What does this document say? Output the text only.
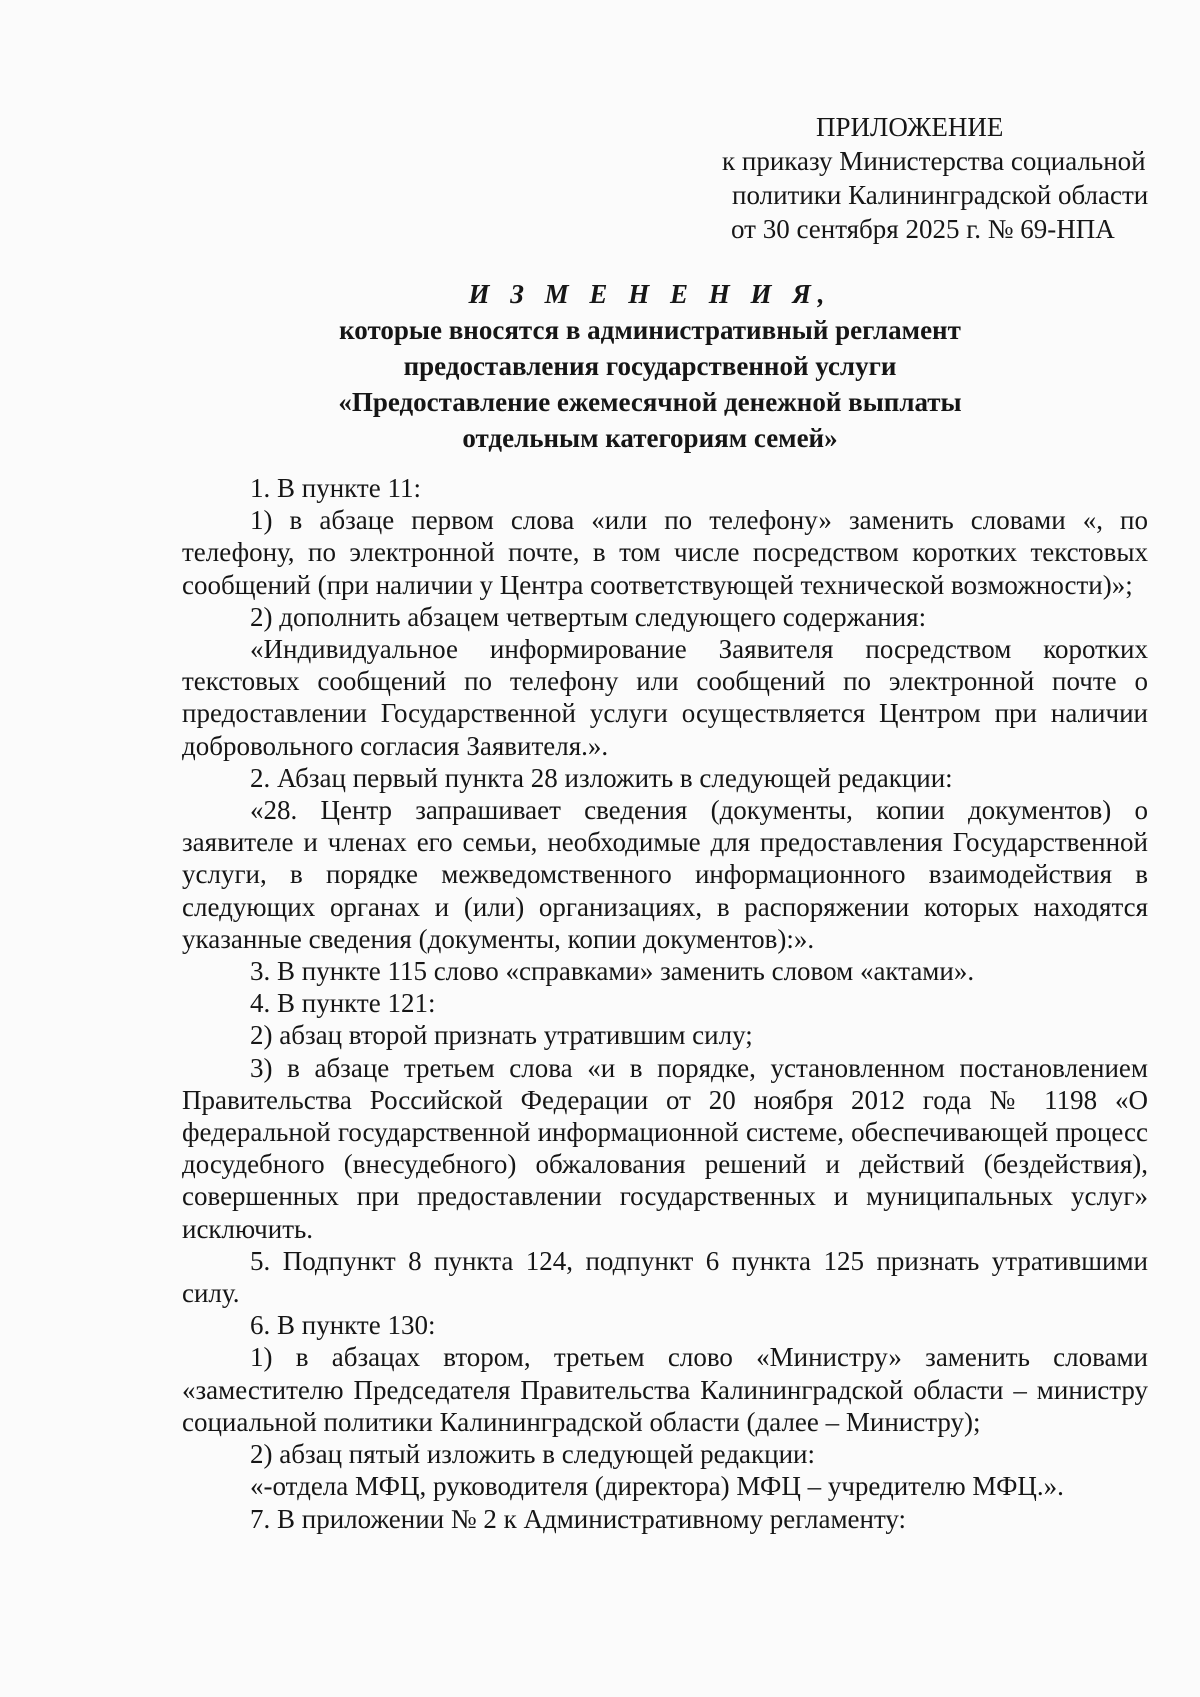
ПРИЛОЖЕНИЕ
к приказу Министерства социальной
политики Калининградской области
от 30 сентября 2025 г. № 69-НПА
И З М Е Н Е Н И Я,
которые вносятся в административный регламент
предоставления государственной услуги
«Предоставление ежемесячной денежной выплаты
отдельным категориям семей»

1. В пункте 11:

1) в абзаце первом слова «или по телефону» заменить словами «, по телефону, по электронной почте, в том числе посредством коротких текстовых сообщений (при наличии у Центра соответствующей технической возможности)»;

2) дополнить абзацем четвертым следующего содержания:

«Индивидуальное информирование Заявителя посредством коротких текстовых сообщений по телефону или сообщений по электронной почте о предоставлении Государственной услуги осуществляется Центром при наличии добровольного согласия Заявителя.».

2. Абзац первый пункта 28 изложить в следующей редакции:

«28. Центр запрашивает сведения (документы, копии документов) о заявителе и членах его семьи, необходимые для предоставления Государственной услуги, в порядке межведомственного информационного взаимодействия в следующих органах и (или) организациях, в распоряжении которых находятся указанные сведения (документы, копии документов):».

3. В пункте 115 слово «справками» заменить словом «актами».

4. В пункте 121:

2) абзац второй признать утратившим силу;

3) в абзаце третьем слова «и в порядке, установленном постановлением Правительства Российской Федерации от 20 ноября 2012 года № 1198 «О федеральной государственной информационной системе, обеспечивающей процесс досудебного (внесудебного) обжалования решений и действий (бездействия), совершенных при предоставлении государственных и муниципальных услуг» исключить.

5. Подпункт 8 пункта 124, подпункт 6 пункта 125 признать утратившими силу.

6. В пункте 130:

1) в абзацах втором, третьем слово «Министру» заменить словами «заместителю Председателя Правительства Калининградской области – министру социальной политики Калининградской области (далее – Министру);

2) абзац пятый изложить в следующей редакции:

«-отдела МФЦ, руководителя (директора) МФЦ – учредителю МФЦ.».

7. В приложении № 2 к Административному регламенту:
